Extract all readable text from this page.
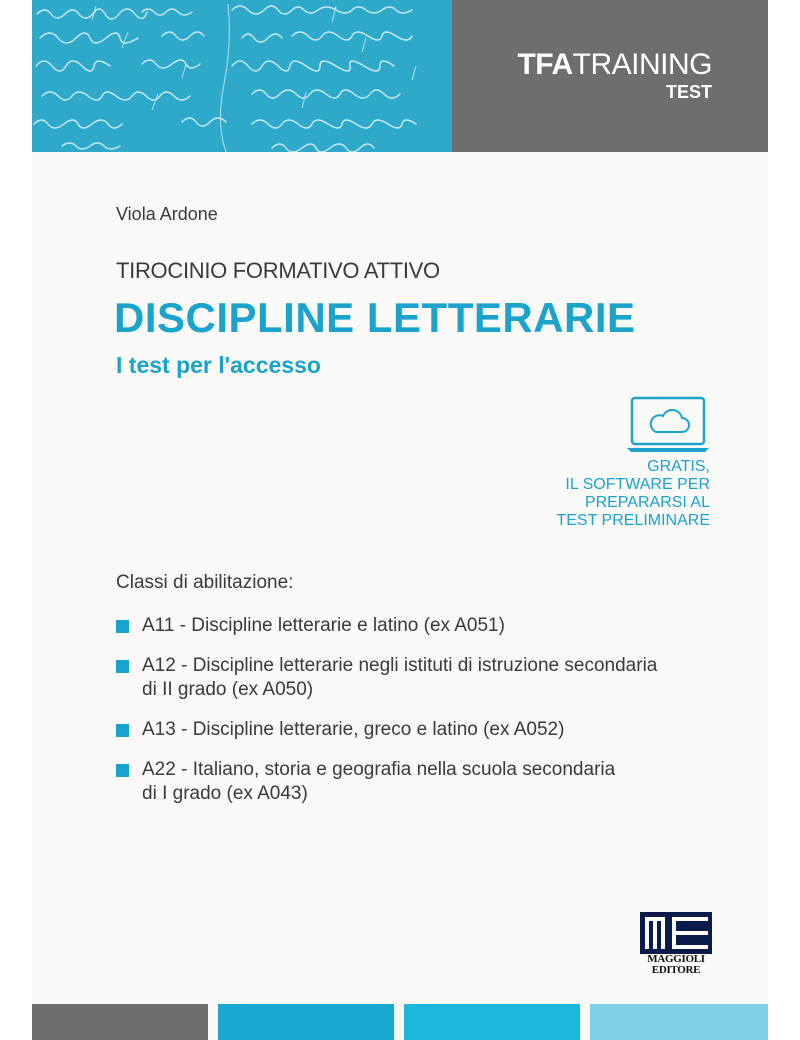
TFATRAINING
TEST
Viola Ardone
TIROCINIO FORMATIVO ATTIVO
DISCIPLINE LETTERARIE
I test per l'accesso
GRATIS,
IL SOFTWARE PER
PREPARARSI AL
TEST PRELIMINARE
Classi di abilitazione:
A11 - Discipline letterarie e latino (ex A051)
A12 - Discipline letterarie negli istituti di istruzione secondaria
di II grado (ex A050)
A13 - Discipline letterarie, greco e latino (ex A052)
A22 - Italiano, storia e geografia nella scuola secondaria
di I grado (ex A043)
MAGGIOLI
EDITORE
